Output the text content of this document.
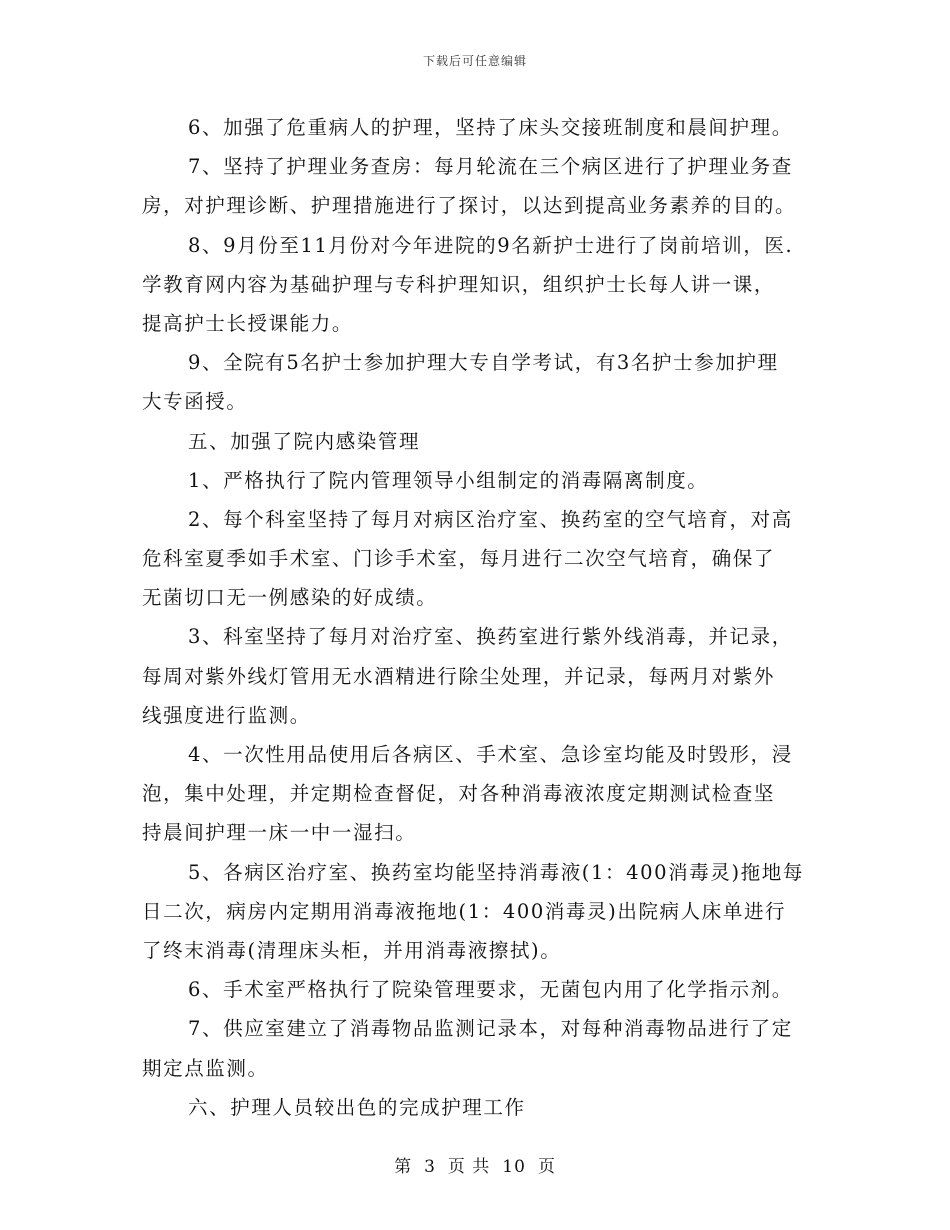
下载后可任意编辑
6、加强了危重病人的护理，坚持了床头交接班制度和晨间护理。
7、坚持了护理业务查房：每月轮流在三个病区进行了护理业务查
房，对护理诊断、护理措施进行了探讨，以达到提高业务素养的目的。
8、9月份至11月份对今年进院的9名新护士进行了岗前培训，医.
学教育网内容为基础护理与专科护理知识，组织护士长每人讲一课，
提高护士长授课能力。
9、全院有5名护士参加护理大专自学考试，有3名护士参加护理
大专函授。
五、加强了院内感染管理
1、严格执行了院内管理领导小组制定的消毒隔离制度。
2、每个科室坚持了每月对病区治疗室、换药室的空气培育，对高
危科室夏季如手术室、门诊手术室，每月进行二次空气培育，确保了
无菌切口无一例感染的好成绩。
3、科室坚持了每月对治疗室、换药室进行紫外线消毒，并记录，
每周对紫外线灯管用无水酒精进行除尘处理，并记录，每两月对紫外
线强度进行监测。
4、一次性用品使用后各病区、手术室、急诊室均能及时毁形，浸
泡，集中处理，并定期检查督促，对各种消毒液浓度定期测试检查坚
持晨间护理一床一中一湿扫。
5、各病区治疗室、换药室均能坚持消毒液(1：400消毒灵)拖地每
日二次，病房内定期用消毒液拖地(1：400消毒灵)出院病人床单进行
了终末消毒(清理床头柜，并用消毒液擦拭)。
6、手术室严格执行了院染管理要求，无菌包内用了化学指示剂。
7、供应室建立了消毒物品监测记录本，对每种消毒物品进行了定
期定点监测。
六、护理人员较出色的完成护理工作
第 3 页 共 10 页
